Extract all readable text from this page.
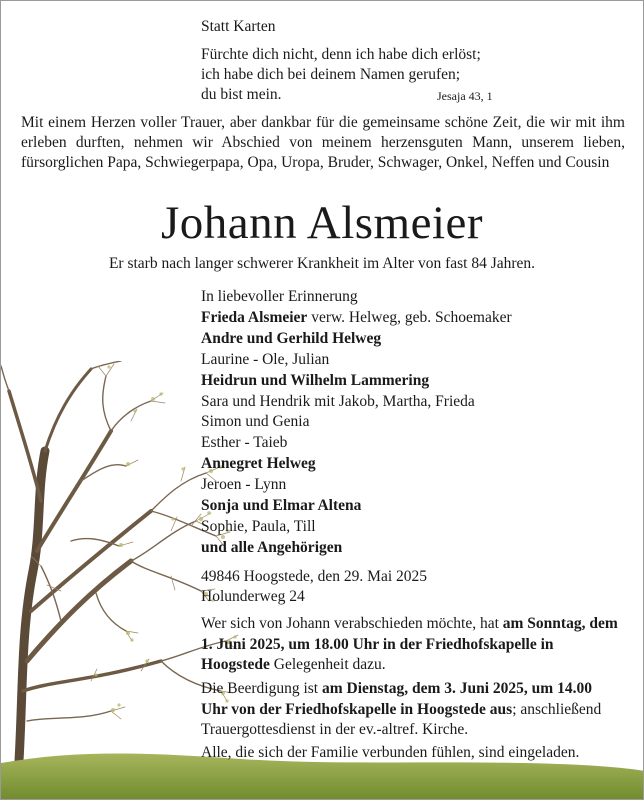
Statt Karten
Fürchte dich nicht, denn ich habe dich erlöst;
ich habe dich bei deinem Namen gerufen;
du bist mein.	Jesaja 43, 1
Mit einem Herzen voller Trauer, aber dankbar für die gemeinsame schöne Zeit, die wir mit ihm erleben durften, nehmen wir Abschied von meinem herzensguten Mann, unserem lieben, fürsorglichen Papa, Schwiegerpapa, Opa, Uropa, Bruder, Schwager, Onkel, Neffen und Cousin
Johann Alsmeier
Er starb nach langer schwerer Krankheit im Alter von fast 84 Jahren.
In liebevoller Erinnerung
Frieda Alsmeier verw. Helweg, geb. Schoemaker
Andre und Gerhild Helweg
Laurine - Ole, Julian
Heidrun und Wilhelm Lammering
Sara und Hendrik mit Jakob, Martha, Frieda
Simon und Genia
Esther - Taieb
Annegret Helweg
Jeroen - Lynn
Sonja und Elmar Altena
Sophie, Paula, Till
und alle Angehörigen
49846 Hoogstede, den 29. Mai 2025
Holunderweg 24
Wer sich von Johann verabschieden möchte, hat am Sonntag, dem 1. Juni 2025, um 18.00 Uhr in der Friedhofskapelle in Hoogstede Gelegenheit dazu.
Die Beerdigung ist am Dienstag, dem 3. Juni 2025, um 14.00 Uhr von der Friedhofskapelle in Hoogstede aus; anschließend Trauergottesdienst in der ev.-altref. Kirche.
Alle, die sich der Familie verbunden fühlen, sind eingeladen.
